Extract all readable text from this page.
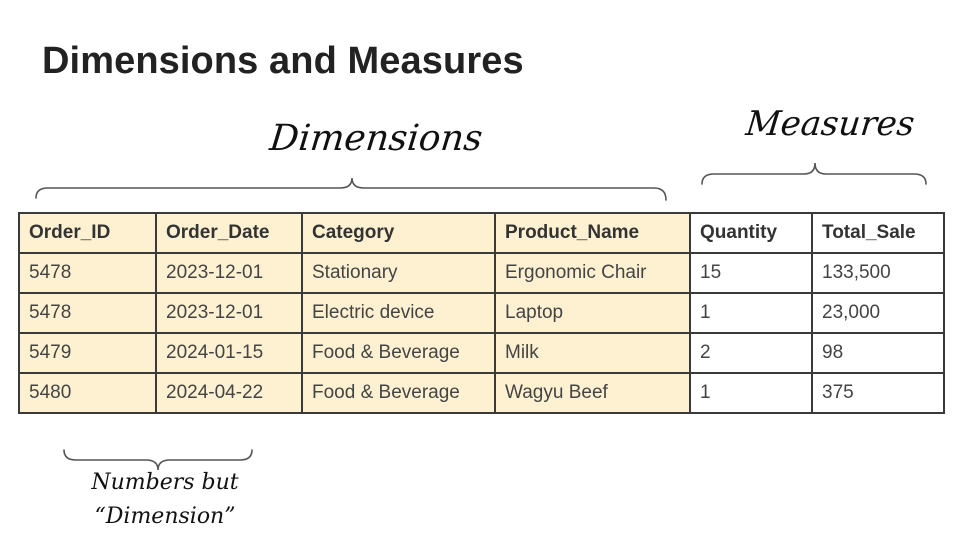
Dimensions and Measures
Dimensions	Measures
Order_ID	Order_Date	Category	Product_Name	Quantity	Total_Sale
5478	2023-12-01	Stationary	Ergonomic Chair	15	133,500
5478	2023-12-01	Electric device	Laptop	1	23,000
5479	2024-01-15	Food & Beverage	Milk	2	98
5480	2024-04-22	Food & Beverage	Wagyu Beef	1	375
Numbers but
“Dimension”
